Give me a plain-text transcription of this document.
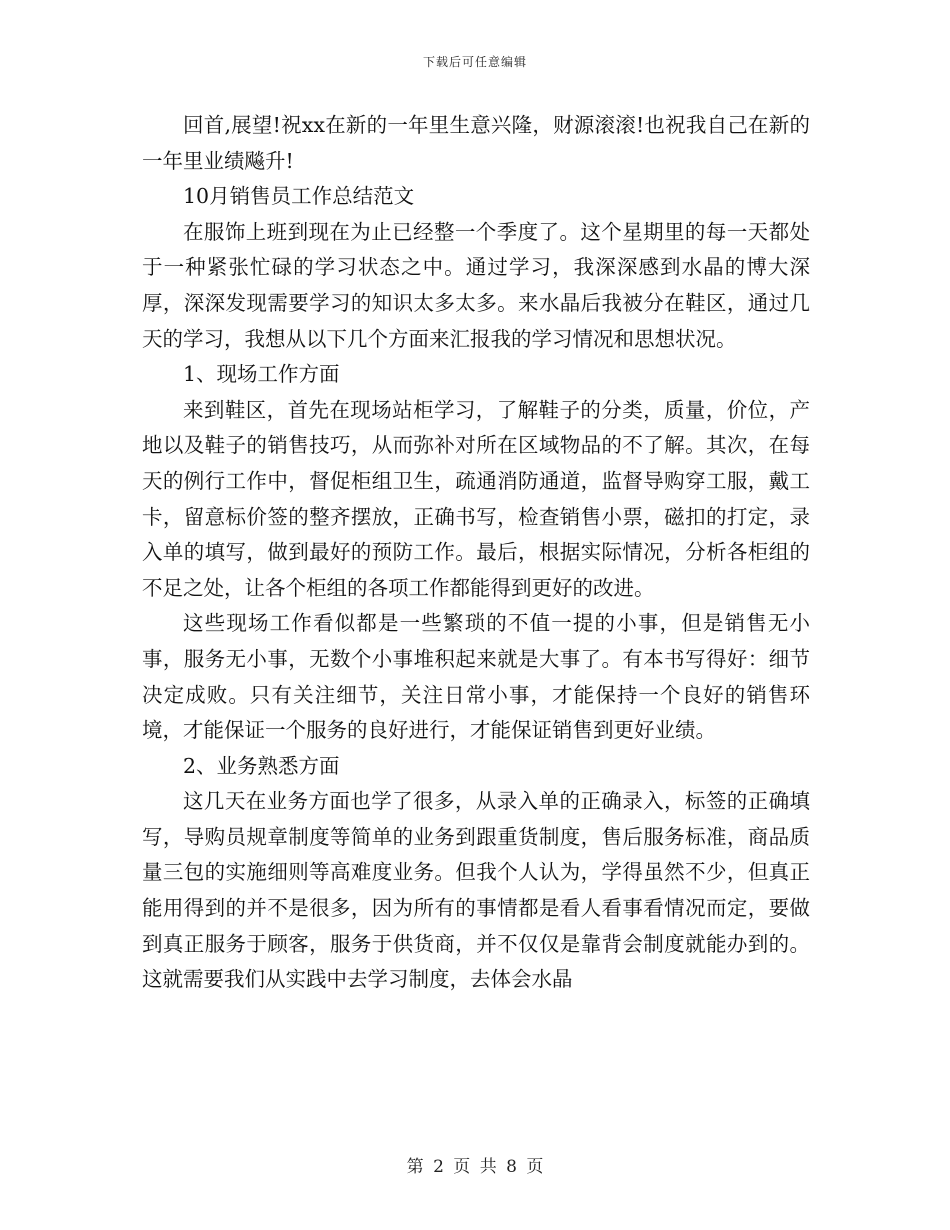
下载后可任意编辑

回首,展望!祝xx在新的一年里生意兴隆，财源滚滚!也祝我自己在新的一年里业绩飚升!

10月销售员工作总结范文

在服饰上班到现在为止已经整一个季度了。这个星期里的每一天都处于一种紧张忙碌的学习状态之中。通过学习，我深深感到水晶的博大深厚，深深发现需要学习的知识太多太多。来水晶后我被分在鞋区，通过几天的学习，我想从以下几个方面来汇报我的学习情况和思想状况。

1、现场工作方面

来到鞋区，首先在现场站柜学习，了解鞋子的分类，质量，价位，产地以及鞋子的销售技巧，从而弥补对所在区域物品的不了解。其次，在每天的例行工作中，督促柜组卫生，疏通消防通道，监督导购穿工服，戴工卡，留意标价签的整齐摆放，正确书写，检查销售小票，磁扣的打定，录入单的填写，做到最好的预防工作。最后，根据实际情况，分析各柜组的不足之处，让各个柜组的各项工作都能得到更好的改进。

这些现场工作看似都是一些繁琐的不值一提的小事，但是销售无小事，服务无小事，无数个小事堆积起来就是大事了。有本书写得好：细节决定成败。只有关注细节，关注日常小事，才能保持一个良好的销售环境，才能保证一个服务的良好进行，才能保证销售到更好业绩。

2、业务熟悉方面

这几天在业务方面也学了很多，从录入单的正确录入，标签的正确填写，导购员规章制度等简单的业务到跟重货制度，售后服务标准，商品质量三包的实施细则等高难度业务。但我个人认为，学得虽然不少，但真正能用得到的并不是很多，因为所有的事情都是看人看事看情况而定，要做到真正服务于顾客，服务于供货商，并不仅仅是靠背会制度就能办到的。这就需要我们从实践中去学习制度，去体会水晶

第 2 页 共 8 页
